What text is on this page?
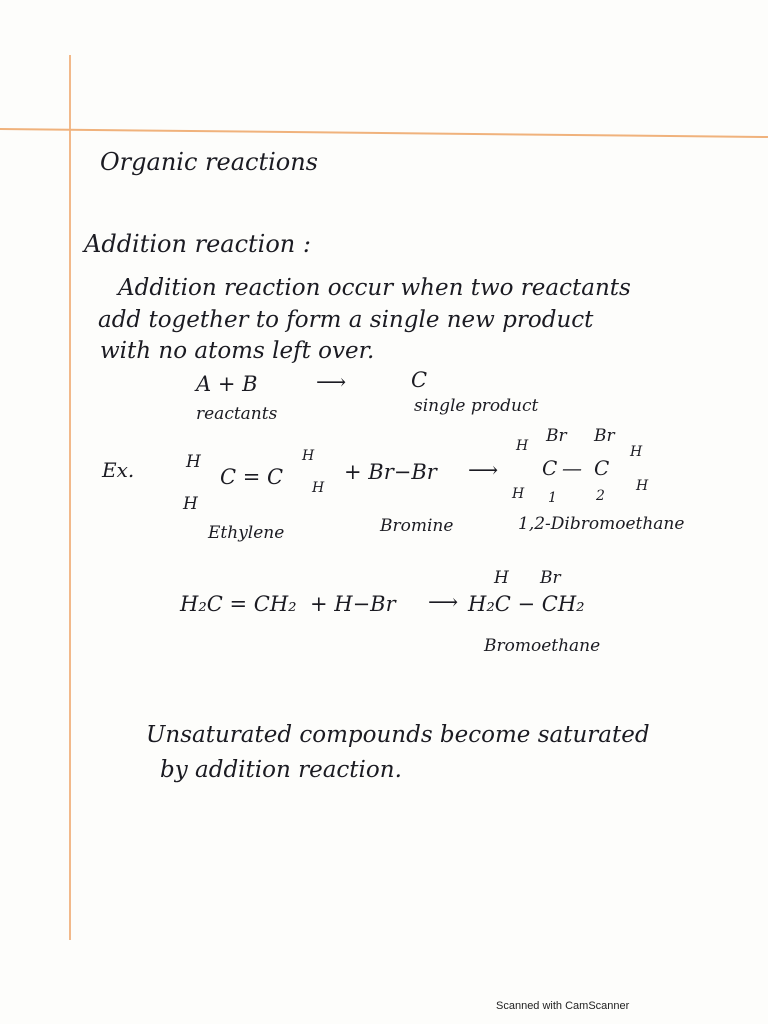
Organic reactions
Addition reaction :
Addition reaction occur when two reactants
add together to form a single new product
with no atoms left over.
A + B	⟶	C
reactants	single product
Ex.	H
H
C = C
H
H
+ Br−Br ⟶
Br Br
H
C — C
H
H
H 1	2
Ethylene	Bromine	1,2-Dibromoethane
H Br
H₂C = CH₂ + H−Br ⟶ H₂C − CH₂
Bromoethane
Unsaturated compounds become saturated
by addition reaction.
Scanned with CamScanner
